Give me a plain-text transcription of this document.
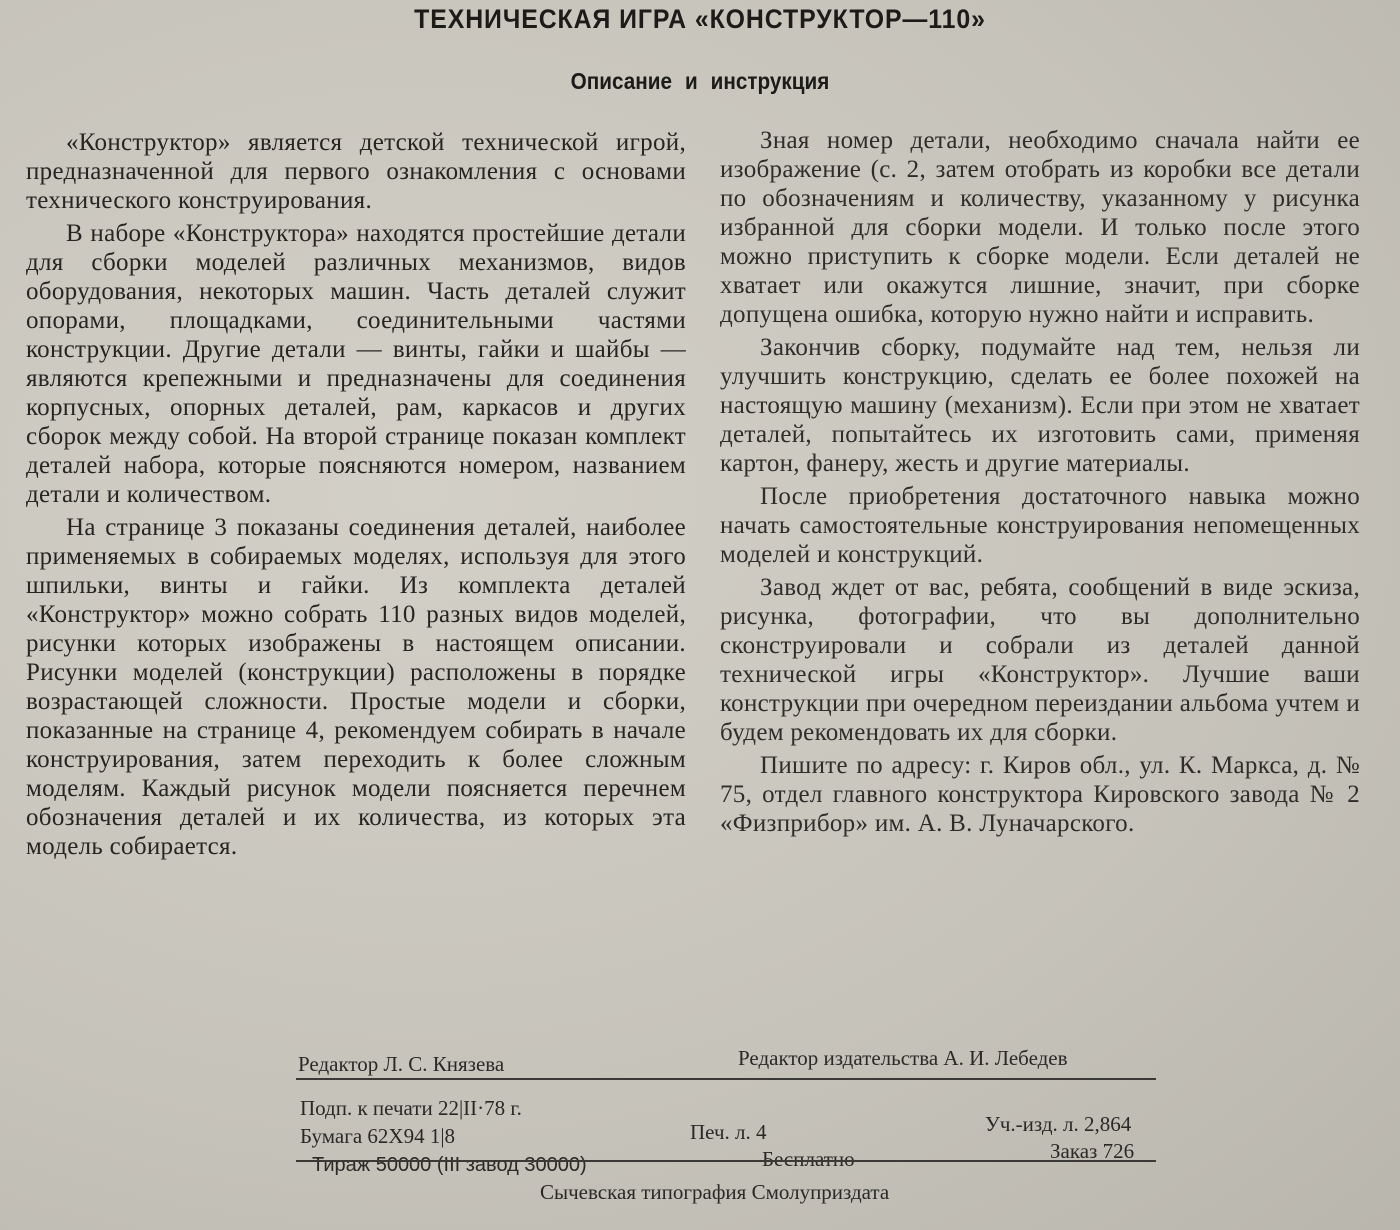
ТЕХНИЧЕСКАЯ ИГРА «КОНСТРУКТОР—110»
Описание и инструкция

«Конструктор» является детской технической игрой, предназначенной для первого ознакомления с основами технического конструирования.

В наборе «Конструктора» находятся простейшие детали для сборки моделей различных механизмов, видов оборудования, некоторых машин. Часть деталей служит опорами, площадками, соединительными частями конструкции. Другие детали — винты, гайки и шайбы — являются крепежными и предназначены для соединения корпусных, опорных деталей, рам, каркасов и других сборок между собой. На второй странице показан комплект деталей набора, которые поясняются номером, названием детали и количеством.

На странице 3 показаны соединения деталей, наиболее применяемых в собираемых моделях, используя для этого шпильки, винты и гайки. Из комплекта деталей «Конструктор» можно собрать 110 разных видов моделей, рисунки которых изображены в настоящем описании. Рисунки моделей (конструкции) расположены в порядке возрастающей сложности. Простые модели и сборки, показанные на странице 4, рекомендуем собирать в начале конструирования, затем переходить к более сложным моделям. Каждый рисунок модели поясняется перечнем обозначения деталей и их количества, из которых эта модель собирается.

Зная номер детали, необходимо сначала найти ее изображение (с. 2, затем отобрать из коробки все детали по обозначениям и количеству, указанному у рисунка избранной для сборки модели. И только после этого можно приступить к сборке модели. Если деталей не хватает или окажутся лишние, значит, при сборке допущена ошибка, которую нужно найти и исправить.

Закончив сборку, подумайте над тем, нельзя ли улучшить конструкцию, сделать ее более похожей на настоящую машину (механизм). Если при этом не хватает деталей, попытайтесь их изготовить сами, применяя картон, фанеру, жесть и другие материалы.

После приобретения достаточного навыка можно начать самостоятельные конструирования непомещенных моделей и конструкций.

Завод ждет от вас, ребята, сообщений в виде эскиза, рисунка, фотографии, что вы дополнительно сконструировали и собрали из деталей данной технической игры «Конструктор». Лучшие ваши конструкции при очередном переиздании альбома учтем и будем рекомендовать их для сборки.

Пишите по адресу: г. Киров обл., ул. К. Маркса, д. № 75, отдел главного конструктора Кировского завода № 2 «Физприбор» им. А. В. Луначарского.

Редактор Л. С. Князева	Редактор издательства А. И. Лебедев
Подп. к печати 22|II·78 г.
Бумага 62Х94 1|8	Печ. л. 4	Уч.-изд. л. 2,864
Тираж 50000 (III завод 30000)	Бесплатно	Заказ 726
Сычевская типография Смолуприздата
